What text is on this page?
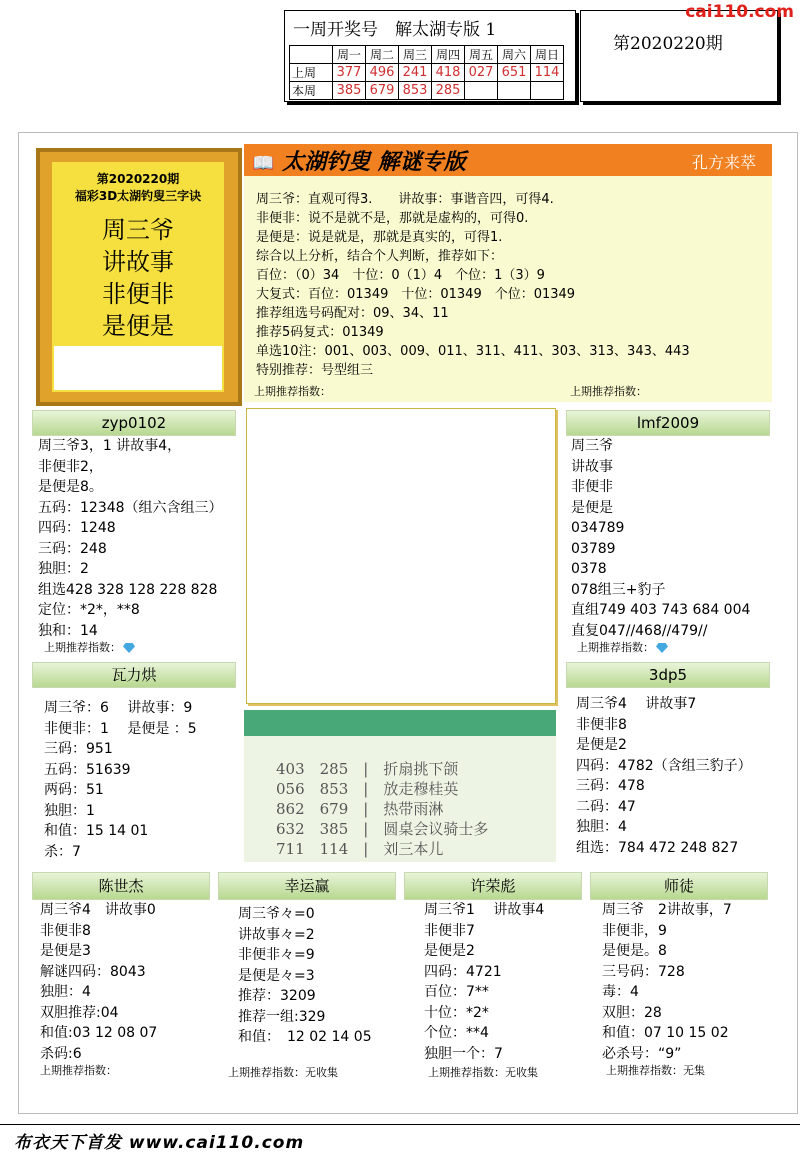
一周开奖号　解太湖专版 1
	周一	周二	周三	周四	周五	周六	周日
上周	377	496	241	418	027	651	114
本周	385	679	853	285			
第2020220期
cai110.com
第2020220期
福彩3D太湖钓叟三字诀
周三爷
讲故事
非便非
是便是
📖 太湖钓叟 解谜专版	孔方来萃
周三爷：直观可得3.　　讲故事：事谐音四，可得4.
非便非：说不是就不是，那就是虚构的，可得0.
是便是：说是就是，那就是真实的，可得1.
综合以上分析，结合个人判断，推荐如下：
百位：（0）34　十位：0（1）4　个位：1（3）9
大复式：百位：01349　十位：01349　个位：01349
推荐组选号码配对：09、34、11
推荐5码复式：01349
单选10注：001、003、009、011、311、411、303、313、343、443
特别推荐：号型组三
上期推荐指数：	上期推荐指数：
zyp0102
周三爷3，1 讲故事4，
非便非2，
是便是8。
五码：12348（组六含组三）
四码：1248
三码：248
独胆：2
组选428 328 128 228 828
定位：*2*，**8
独和：14
上期推荐指数：
lmf2009
周三爷
讲故事
非便非
是便是
034789
03789
0378
078组三+豹子
直组749 403 743 684 004
直复047//468//479//
上期推荐指数：
403　285　|　折扇挑下颌
056　853　|　放走穆桂英
862　679　|　热带雨淋
632　385　|　圆桌会议骑士多
711　114　|　刘三本儿
瓦力烘
周三爷：6　 讲故事：9
非便非：1　 是便是 ：5
三码：951
五码：51639
两码：51
独胆：1
和值：15 14 01
杀：7
3dp5
周三爷4　 讲故事7
非便非8
是便是2
四码：4782（含组三豹子）
三码：478
二码：47
独胆：4
组选：784 472 248 827
陈世杰
周三爷4　讲故事0
非便非8
是便是3
解谜四码：8043
独胆：4
双胆推荐:04
和值:03 12 08 07
杀码:6
上期推荐指数：
幸运赢
周三爷々=0
讲故事々=2
非便非々=9
是便是々=3
推荐：3209
推荐一组:329
和值：　12 02 14 05
上期推荐指数：无收集
许荣彪
周三爷1　 讲故事4
非便非7
是便是2
四码：4721
百位：7**
十位：*2*
个位：**4
独胆一个：7
上期推荐指数：无收集
师徒
周三爷　2讲故事，7
非便非，9
是便是。8
三号码：728
毒：4
双胆：28
和值：07 10 15 02
必杀号：“9”
上期推荐指数：无集
布衣天下首发 www.cai110.com
